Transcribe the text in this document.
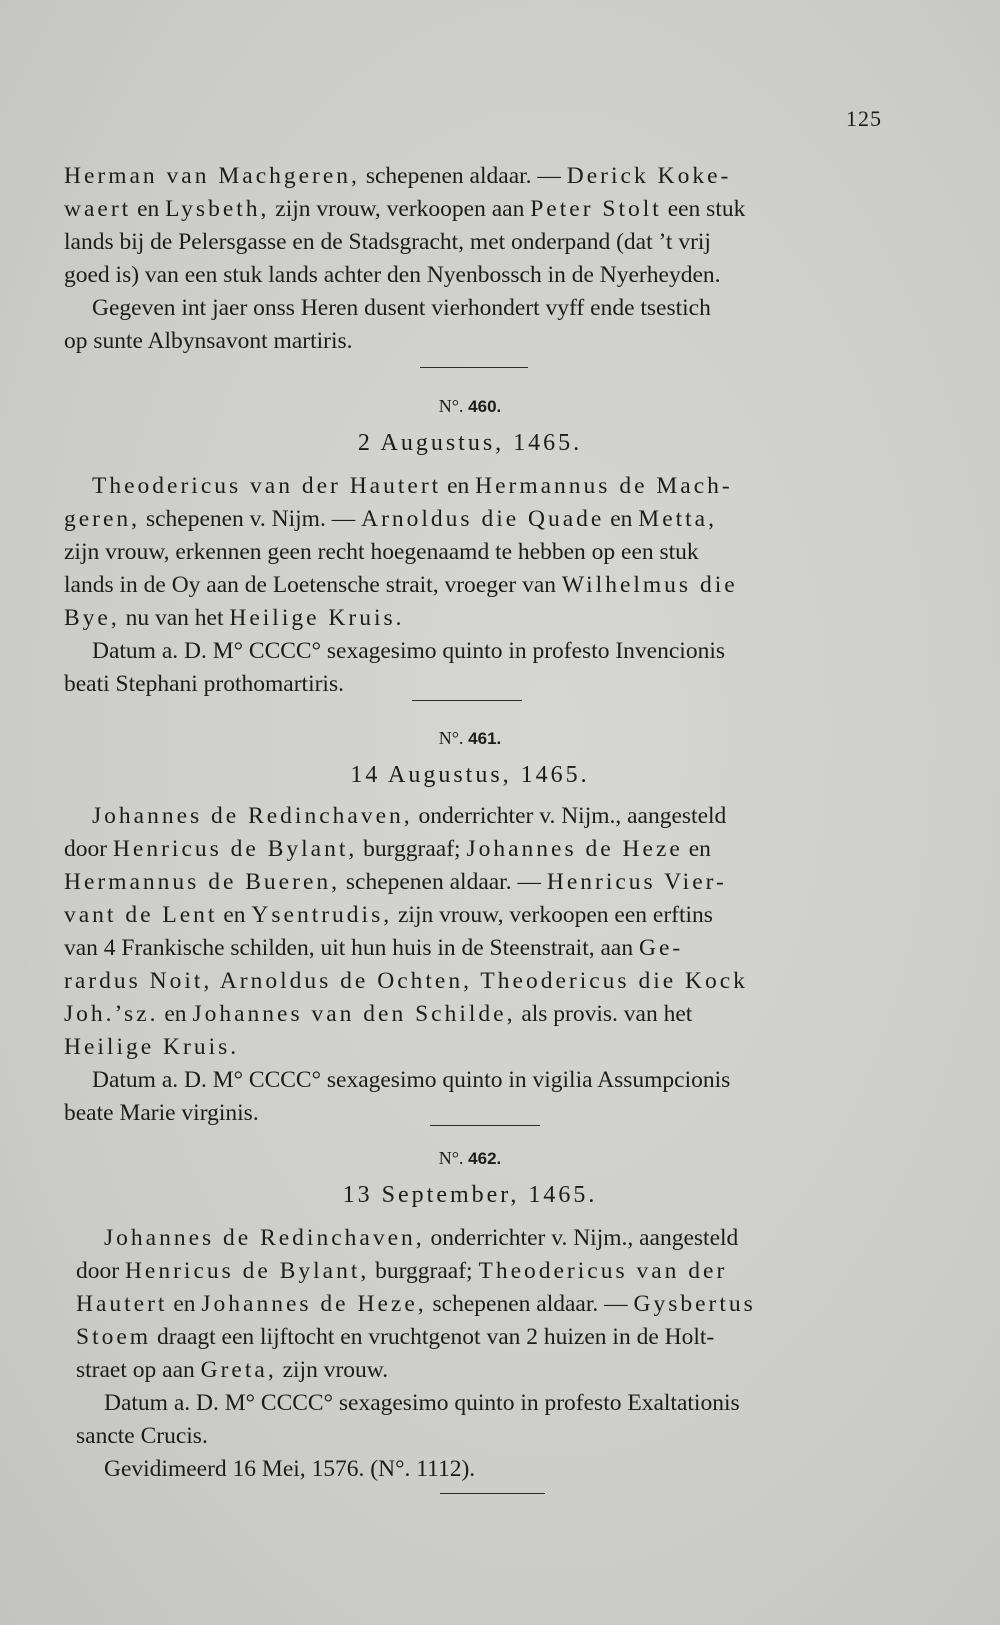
125

Herman van Machgeren, schepenen aldaar. — Derick Koke-

waert en Lysbeth, zijn vrouw, verkoopen aan Peter Stolt een stuk

lands bij de Pelersgasse en de Stadsgracht, met onderpand (dat ’t vrij

goed is) van een stuk lands achter den Nyenbossch in de Nyerheyden.

Gegeven int jaer onss Heren dusent vierhondert vyff ende tsestich

op sunte Albynsavont martiris.

N°. 460.
2 Augustus, 1465.

Theodericus van der Hautert en Hermannus de Mach-

geren, schepenen v. Nijm. — Arnoldus die Quade en Metta,

zijn vrouw, erkennen geen recht hoegenaamd te hebben op een stuk

lands in de Oy aan de Loetensche strait, vroeger van Wilhelmus die

Bye, nu van het Heilige Kruis.

Datum a. D. M° CCCC° sexagesimo quinto in profesto Invencionis

beati Stephani prothomartiris.

N°. 461.
14 Augustus, 1465.

Johannes de Redinchaven, onderrichter v. Nijm., aangesteld

door Henricus de Bylant, burggraaf; Johannes de Heze en

Hermannus de Bueren, schepenen aldaar. — Henricus Vier-

vant de Lent en Ysentrudis, zijn vrouw, verkoopen een erftins

van 4 Frankische schilden, uit hun huis in de Steenstrait, aan Ge-

rardus Noit, Arnoldus de Ochten, Theodericus die Kock

Joh.’sz. en Johannes van den Schilde, als provis. van het

Heilige Kruis.

Datum a. D. M° CCCC° sexagesimo quinto in vigilia Assumpcionis

beate Marie virginis.

N°. 462.
13 September, 1465.

Johannes de Redinchaven, onderrichter v. Nijm., aangesteld

door Henricus de Bylant, burggraaf; Theodericus van der

Hautert en Johannes de Heze, schepenen aldaar. — Gysbertus

Stoem draagt een lijftocht en vruchtgenot van 2 huizen in de Holt-

straet op aan Greta, zijn vrouw.

Datum a. D. M° CCCC° sexagesimo quinto in profesto Exaltationis

sancte Crucis.

Gevidimeerd 16 Mei, 1576. (N°. 1112).
